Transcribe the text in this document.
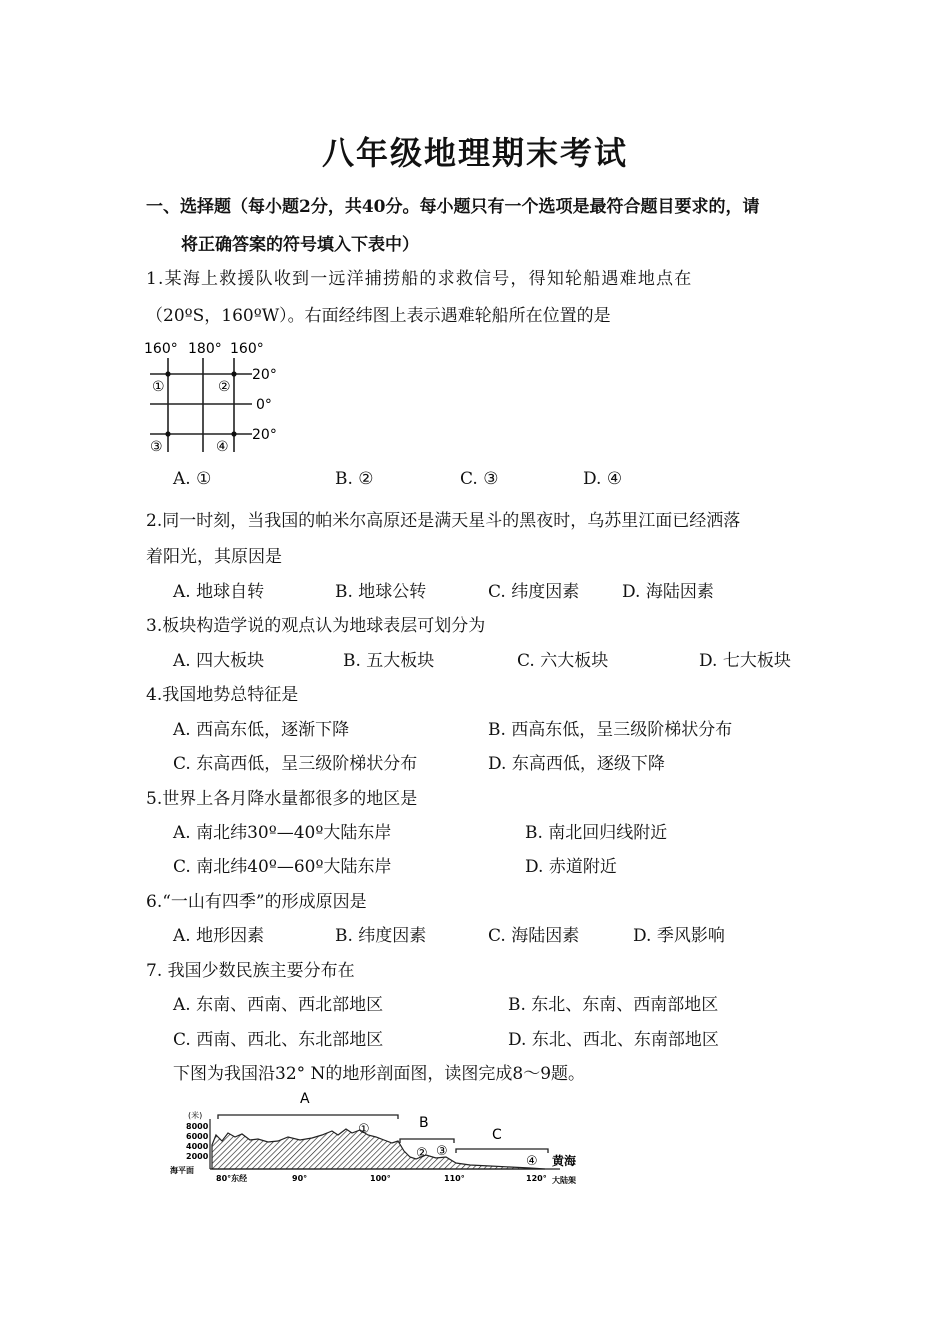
八年级地理期末考试
一、选择题（每小题2分，共40分。每小题只有一个选项是最符合题目要求的，请
将正确答案的符号填入下表中）
1.某海上救援队收到一远洋捕捞船的求救信号，得知轮船遇难地点在
（20ºS，160ºW）。右面经纬图上表示遇难轮船所在位置的是
160° 180° 160°
20°
0°
20°
①	②
③	④
A. ①	B. ②	C. ③	D. ④
2.同一时刻，当我国的帕米尔高原还是满天星斗的黑夜时，乌苏里江面已经洒落
着阳光，其原因是
A. 地球自转	B. 地球公转	C. 纬度因素	D. 海陆因素
3.板块构造学说的观点认为地球表层可划分为
A. 四大板块	B. 五大板块	C. 六大板块	D. 七大板块
4.我国地势总特征是
A. 西高东低，逐渐下降	B. 西高东低，呈三级阶梯状分布
C. 东高西低，呈三级阶梯状分布	D. 东高西低，逐级下降
5.世界上各月降水量都很多的地区是
A. 南北纬30º—40º大陆东岸	B. 南北回归线附近
C. 南北纬40º—60º大陆东岸	D. 赤道附近
6.“一山有四季”的形成原因是
A. 地形因素	B. 纬度因素	C. 海陆因素	D. 季风影响
7. 我国少数民族主要分布在
A. 东南、西南、西北部地区	B. 东北、东南、西南部地区
C. 西南、西北、东北部地区	D. 东北、西北、东南部地区
下图为我国沿32° N的地形剖面图，读图完成8～9题。
(米)
8000
6000
4000
2000
海平面
A
B
C
①
② ③
④ 黄海
80°东经	90°	100°	110°	120° 大陆架
